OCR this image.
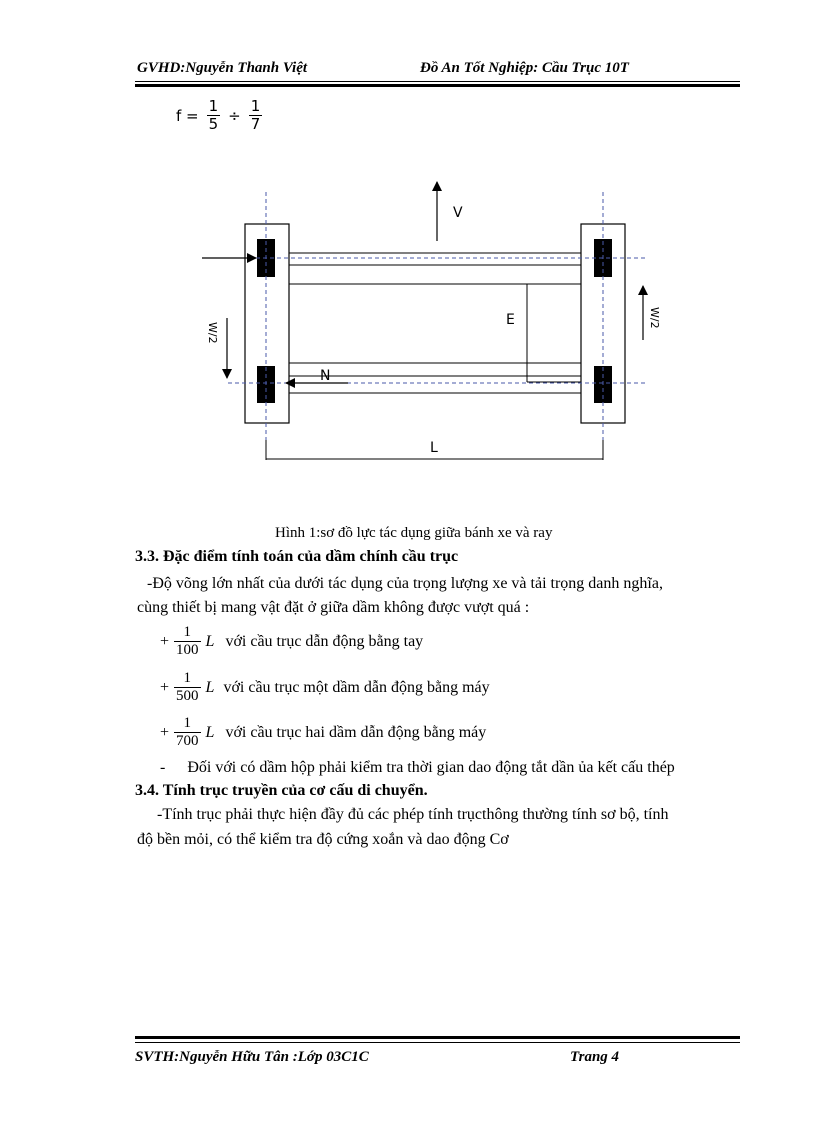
GVHD:Nguyễn Thanh Việt	Đồ An Tốt Nghiệp: Cầu Trục 10T
$f = \frac{1}{5} \div \frac{1}{7}$
E
L
V
N
W/2
W/2
Hình 1:sơ đồ lực tác dụng giữa bánh xe và ray
3.3. Đặc điểm tính toán của dầm chính cầu trục
-Độ võng lớn nhất của dưới tác dụng của trọng lượng xe và tải trọng danh nghĩa,
cùng thiết bị mang vật đặt ở giữa dầm không được vượt quá :
+ $\frac{1}{100}$ L với cầu trục dẫn động bằng tay
+ $\frac{1}{500}$ L với cầu trục một dầm dẫn động bằng máy
+ $\frac{1}{700}$ L với cầu trục hai dầm dẫn động bằng máy
- Đối với có dầm hộp phải kiểm tra thời gian dao động tắt dần ủa kết cấu thép
3.4. Tính trục truyền của cơ cấu di chuyển.
-Tính trục phải thực hiện đầy đủ các phép tính trụcthông thường tính sơ bộ, tính
độ bền mỏi, có thể kiểm tra độ cứng xoắn và dao động Cơ
SVTH:Nguyễn Hữu Tân :Lớp 03C1C	Trang 4
